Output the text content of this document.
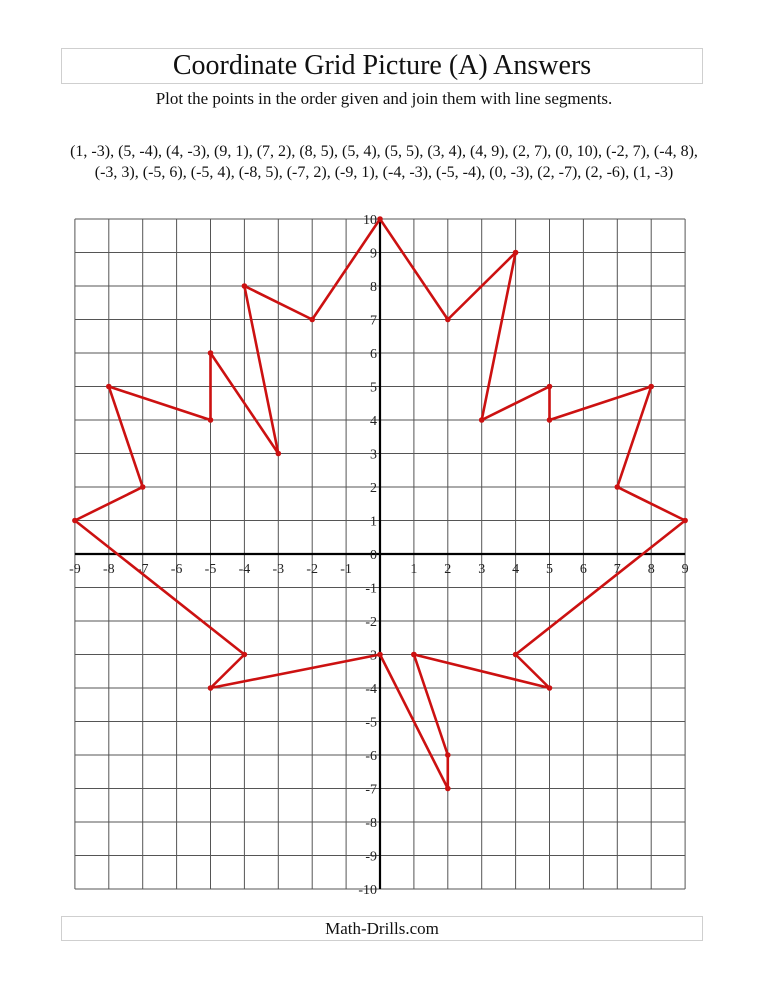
Coordinate Grid Picture (A) Answers
Plot the points in the order given and join them with line segments.
(1, -3), (5, -4), (4, -3), (9, 1), (7, 2), (8, 5), (5, 4), (5, 5), (3, 4), (4, 9), (2, 7), (0, 10), (-2, 7), (-4, 8), (-3, 3), (-5, 6), (-5, 4), (-8, 5), (-7, 2), (-9, 1), (-4, -3), (-5, -4), (0, -3), (2, -7), (2, -6), (1, -3)
-9 -8 -7 -6 -5 -4 -3 -2 -1	1 2 3 4 5 6 7 8 9
-10
-9
-8
-7
-6
-5
-4
-3
-2
-1
0
1
2
3
4
5
6
7
8
9
10
Math-Drills.com
